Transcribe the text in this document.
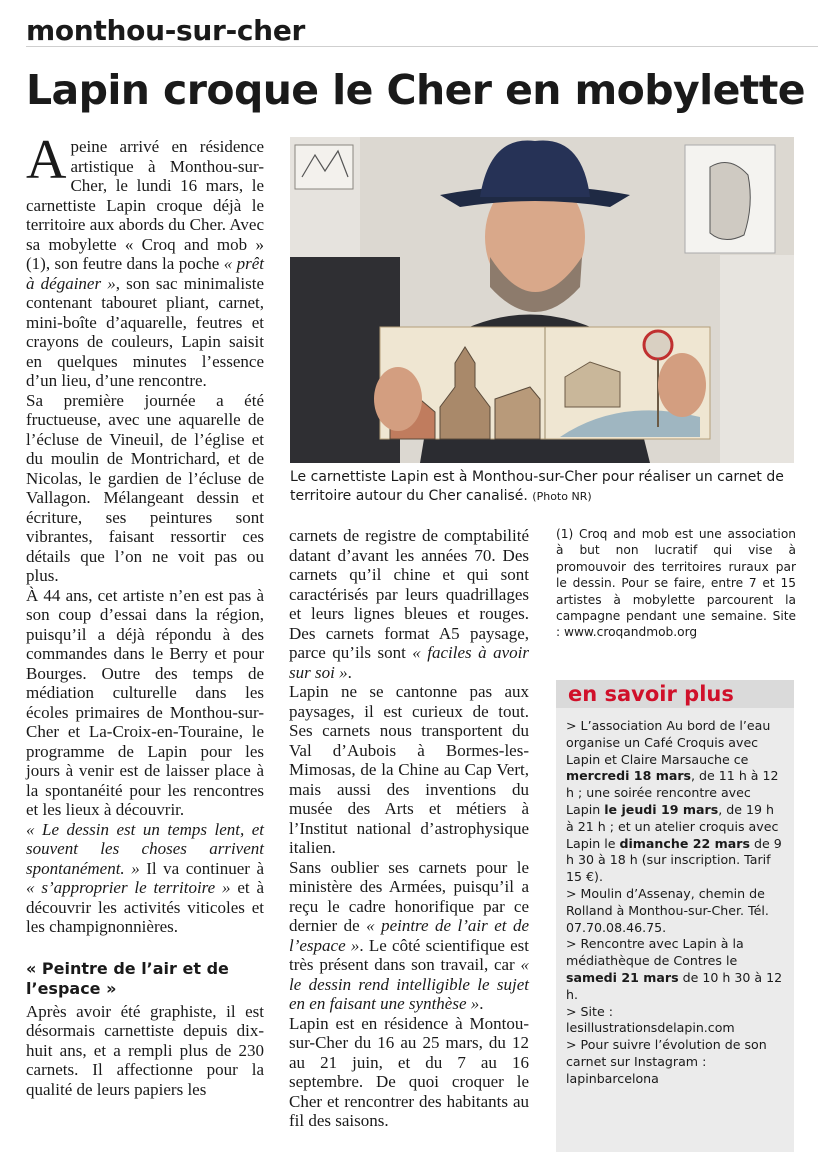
monthou-sur-cher
Lapin croque le Cher en mobylette

Apeine arrivé en résidence artistique à Monthou-sur-Cher, le lundi 16 mars, le carnettiste Lapin croque déjà le territoire aux abords du Cher. Avec sa mobylette « Croq and mob » (1), son feutre dans la poche « prêt à dégainer », son sac minimaliste contenant tabouret pliant, carnet, mini-boîte d’aquarelle, feutres et crayons de couleurs, Lapin saisit en quelques minutes l’essence d’un lieu, d’une rencontre.

Sa première journée a été fructueuse, avec une aquarelle de l’écluse de Vineuil, de l’église et du moulin de Montrichard, et de Nicolas, le gardien de l’écluse de Vallagon. Mélangeant dessin et écriture, ses peintures sont vibrantes, faisant ressortir ces détails que l’on ne voit pas ou plus.

À 44 ans, cet artiste n’en est pas à son coup d’essai dans la région, puisqu’il a déjà répondu à des commandes dans le Berry et pour Bourges. Outre des temps de médiation culturelle dans les écoles primaires de Monthou-sur-Cher et La-Croix-en-Touraine, le programme de Lapin pour les jours à venir est de laisser place à la spontanéité pour les rencontres et les lieux à découvrir.

« Le dessin est un temps lent, et souvent les choses arrivent spontanément. » Il va continuer à « s’approprier le territoire » et à découvrir les activités viticoles et les champignonnières.

« Peintre de l’air et de l’espace »

Après avoir été graphiste, il est désormais carnettiste depuis dix-huit ans, et a rempli plus de 230 carnets. Il affectionne pour la qualité de leurs papiers les

Le carnettiste Lapin est à Monthou-sur-Cher pour réaliser un carnet de territoire autour du Cher canalisé. (Photo NR)

carnets de registre de comptabilité datant d’avant les années 70. Des carnets qu’il chine et qui sont caractérisés par leurs quadrillages et leurs lignes bleues et rouges. Des carnets format A5 paysage, parce qu’ils sont « faciles à avoir sur soi ».

Lapin ne se cantonne pas aux paysages, il est curieux de tout. Ses carnets nous transportent du Val d’Aubois à Bormes-les-Mimosas, de la Chine au Cap Vert, mais aussi des inventions du musée des Arts et métiers à l’Institut national d’astrophysique italien.

Sans oublier ses carnets pour le ministère des Armées, puisqu’il a reçu le cadre honorifique par ce dernier de « peintre de l’air et de l’espace ». Le côté scientifique est très présent dans son travail, car « le dessin rend intelligible le sujet en en faisant une synthèse ».

Lapin est en résidence à Montou-sur-Cher du 16 au 25 mars, du 12 au 21 juin, et du 7 au 16 septembre. De quoi croquer le Cher et rencontrer des habitants au fil des saisons.

(1) Croq and mob est une association à but non lucratif qui vise à promouvoir des territoires ruraux par le dessin. Pour se faire, entre 7 et 15 artistes à mobylette parcourent la campagne pendant une semaine. Site : www.croqandmob.org
en savoir plus

> L’association Au bord de l’eau organise un Café Croquis avec Lapin et Claire Marsauche ce mercredi 18 mars, de 11 h à 12 h ; une soirée rencontre avec Lapin le jeudi 19 mars, de 19 h à 21 h ; et un atelier croquis avec Lapin le dimanche 22 mars de 9 h 30 à 18 h (sur inscription. Tarif 15 €).

> Moulin d’Assenay, chemin de Rolland à Monthou-sur-Cher. Tél. 07.70.08.46.75.

> Rencontre avec Lapin à la médiathèque de Contres le samedi 21 mars de 10 h 30 à 12 h.

> Site : lesillustrationsdelapin.com

> Pour suivre l’évolution de son carnet sur Instagram : lapinbarcelona
